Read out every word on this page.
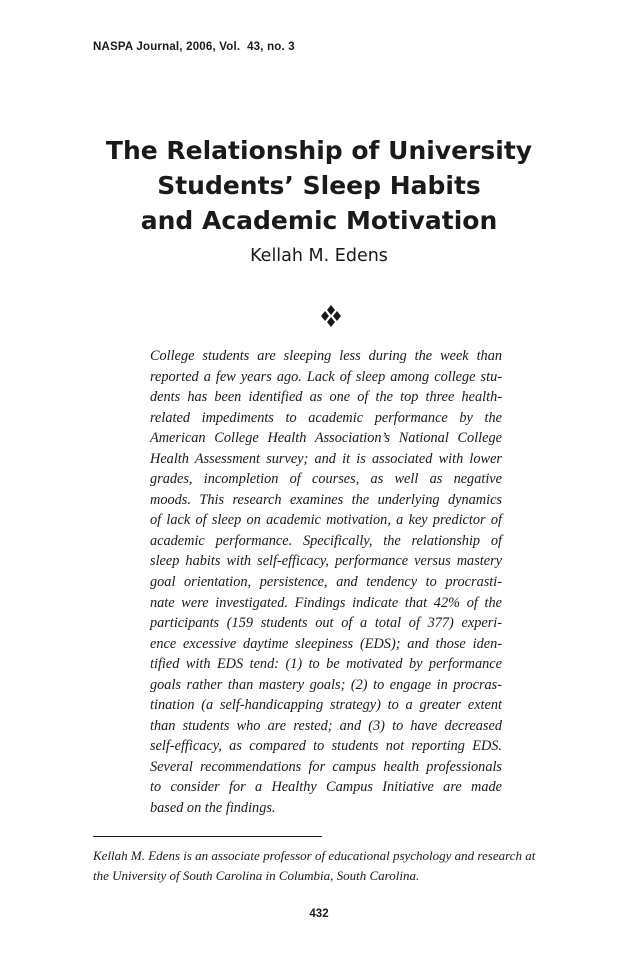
NASPA Journal, 2006, Vol.  43, no. 3
The Relationship of University
Students’ Sleep Habits
and Academic Motivation
Kellah M. Edens
College students are sleeping less during the week than
reported a few years ago. Lack of sleep among college stu-
dents has been identified as one of the top three health-
related impediments to academic performance by the
American College Health Association’s National College
Health Assessment survey; and it is associated with lower
grades, incompletion of courses, as well as negative
moods. This research examines the underlying dynamics
of lack of sleep on academic motivation, a key predictor of
academic performance. Specifically, the relationship of
sleep habits with self-efficacy, performance versus mastery
goal orientation, persistence, and tendency to procrasti-
nate were investigated. Findings indicate that 42% of the
participants (159 students out of a total of 377) experi-
ence excessive daytime sleepiness (EDS); and those iden-
tified with EDS tend: (1) to be motivated by performance
goals rather than mastery goals; (2) to engage in procras-
tination (a self-handicapping strategy) to a greater extent
than students who are rested; and (3) to have decreased
self-efficacy, as compared to students not reporting EDS.
Several recommendations for campus health professionals
to consider for a Healthy Campus Initiative are made
based on the findings.
Kellah M. Edens is an associate professor of educational psychology and research at
the University of South Carolina in Columbia, South Carolina.
432
